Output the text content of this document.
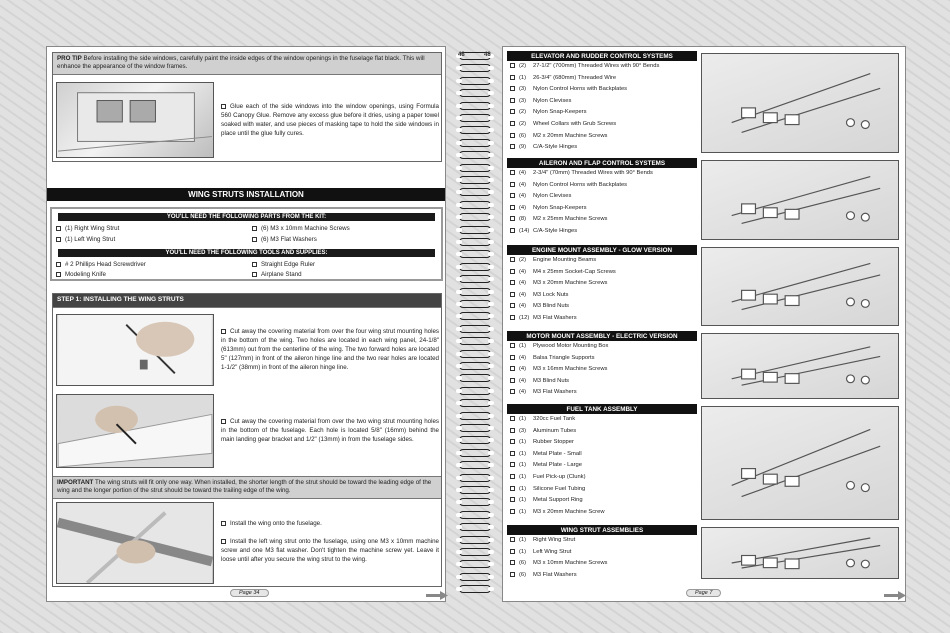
PRO TIP Before installing the side windows, carefully paint the inside edges of the window openings in the fuselage flat black. This will enhance the appearance of the window frames.
Glue each of the side windows into the window openings, using Formula 560 Canopy Glue. Remove any excess glue before it dries, using a paper towel soaked with water, and use pieces of masking tape to hold the side windows in place until the glue fully cures.
WING STRUTS INSTALLATION
YOU'LL NEED THE FOLLOWING PARTS FROM THE KIT:
(1) Right Wing Strut	(6) M3 x 10mm Machine Screws
(1) Left Wing Strut	(6) M3 Flat Washers
YOU'LL NEED THE FOLLOWING TOOLS AND SUPPLIES:
# 2 Phillips Head Screwdriver	Straight Edge Ruler
Modeling Knife	Airplane Stand
STEP 1: INSTALLING THE WING STRUTS
Cut away the covering material from over the four wing strut mounting holes in the bottom of the wing. Two holes are located in each wing panel, 24-1/8" (613mm) out from the centerline of the wing. The two forward holes are located 5" (127mm) in front of the aileron hinge line and the two rear holes are located 1-1/2" (38mm) in front of the aileron hinge line.
Cut away the covering material from over the two wing strut mounting holes in the bottom of the fuselage. Each hole is located 5/8" (16mm) behind the main landing gear bracket and 1/2" (13mm) in from the fuselage sides.
IMPORTANT The wing struts will fit only one way. When installed, the shorter length of the strut should be toward the leading edge of the wing and the longer portion of the strut should be toward the trailing edge of the wing.
Install the wing onto the fuselage.
Install the left wing strut onto the fuselage, using one M3 x 10mm machine screw and one M3 flat washer. Don't tighten the machine screw yet. Leave it loose until after you secure the wing strut to the wing.
Page 34
48	48	ELEVATOR AND RUDDER CONTROL SYSTEMS
(2) 27-1/2" (700mm) Threaded Wires with 90° Bends
(1) 26-3/4" (680mm) Threaded Wire
(3) Nylon Control Horns with Backplates
(3) Nylon Clevises
(2) Nylon Snap-Keepers
(2) Wheel Collars with Grub Screws
(6) M2 x 20mm Machine Screws
(9) C/A-Style Hinges
AILERON AND FLAP CONTROL SYSTEMS
(4) 2-3/4" (70mm) Threaded Wires with 90° Bends
(4) Nylon Control Horns with Backplates
(4) Nylon Clevises
(4) Nylon Snap-Keepers
(8) M2 x 25mm Machine Screws
(14) C/A-Style Hinges
ENGINE MOUNT ASSEMBLY - GLOW VERSION
(2) Engine Mounting Beams
(4) M4 x 25mm Socket-Cap Screws
(4) M3 x 20mm Machine Screws
(4) M3 Lock Nuts
(4) M3 Blind Nuts
(12) M3 Flat Washers
MOTOR MOUNT ASSEMBLY - ELECTRIC VERSION
(1) Plywood Motor Mounting Box
(4) Balsa Triangle Supports
(4) M3 x 16mm Machine Screws
(4) M3 Blind Nuts
(4) M3 Flat Washers
FUEL TANK ASSEMBLY
(1) 320cc Fuel Tank
(3) Aluminum Tubes
(1) Rubber Stopper
(1) Metal Plate - Small
(1) Metal Plate - Large
(1) Fuel Pick-up (Clunk)
(1) Silicone Fuel Tubing
(1) Metal Support Ring
(1) M3 x 20mm Machine Screw
WING STRUT ASSEMBLIES
(1) Right Wing Strut
(1) Left Wing Strut
(6) M3 x 10mm Machine Screws
(6) M3 Flat Washers
Page 7
